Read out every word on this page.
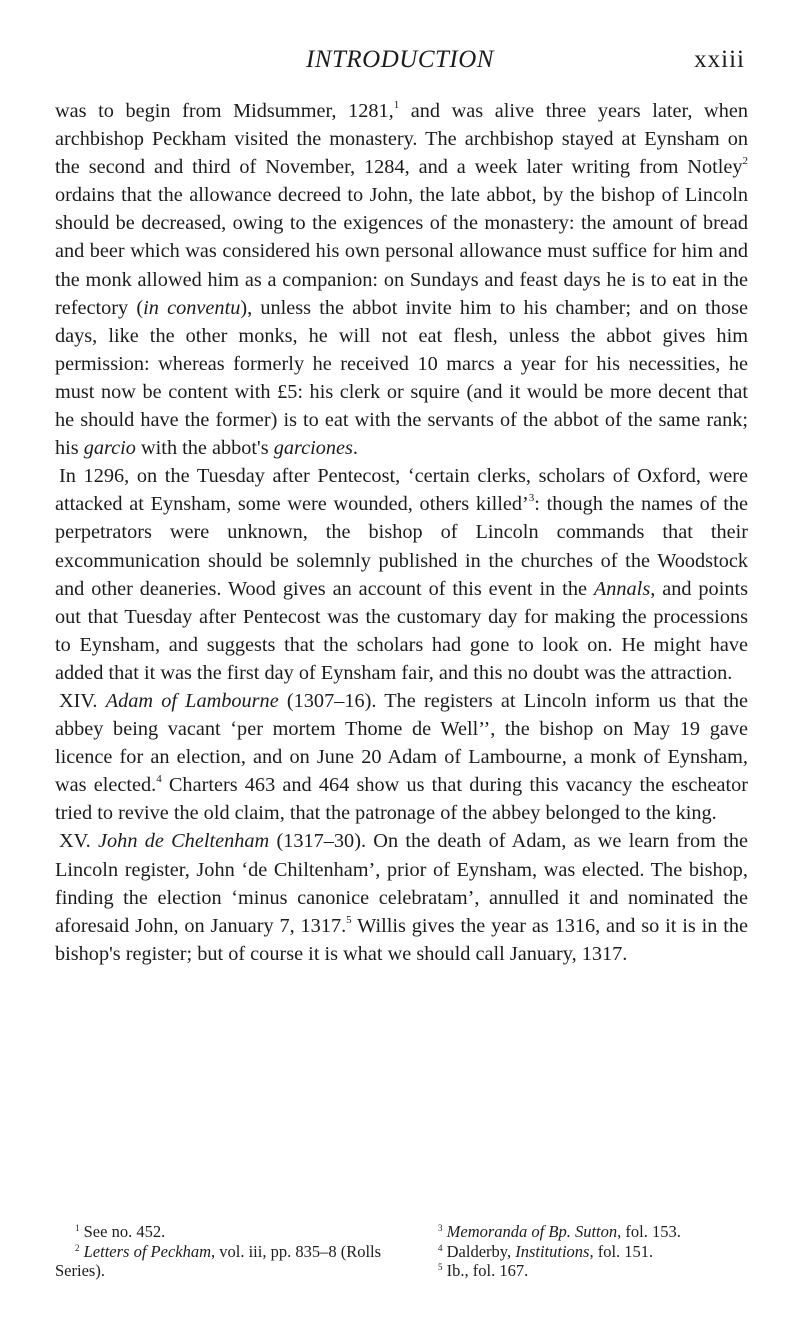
INTRODUCTION	xxiii

was to begin from Midsummer, 1281,$^1$ and was alive three years later, when archbishop Peckham visited the monastery. The archbishop stayed at Eynsham on the second and third of November, 1284, and a week later writing from Notley$^2$ ordains that the allowance decreed to John, the late abbot, by the bishop of Lincoln should be decreased, owing to the exigences of the monastery: the amount of bread and beer which was considered his own personal allowance must suffice for him and the monk allowed him as a companion: on Sundays and feast days he is to eat in the refectory (in conventu), unless the abbot invite him to his chamber; and on those days, like the other monks, he will not eat flesh, unless the abbot gives him permission: whereas formerly he received 10 marcs a year for his necessities, he must now be content with £5: his clerk or squire (and it would be more decent that he should have the former) is to eat with the servants of the abbot of the same rank; his garcio with the abbot's garciones.

In 1296, on the Tuesday after Pentecost, ‘certain clerks, scholars of Oxford, were attacked at Eynsham, some were wounded, others killed’$^3$: though the names of the perpetrators were unknown, the bishop of Lincoln commands that their excommunication should be solemnly published in the churches of the Woodstock and other deaneries. Wood gives an account of this event in the Annals, and points out that Tuesday after Pentecost was the customary day for making the processions to Eynsham, and suggests that the scholars had gone to look on. He might have added that it was the first day of Eynsham fair, and this no doubt was the attraction.

XIV. Adam of Lambourne (1307–16). The registers at Lincoln inform us that the abbey being vacant ‘per mortem Thome de Well’’, the bishop on May 19 gave licence for an election, and on June 20 Adam of Lambourne, a monk of Eynsham, was elected.$^4$ Charters 463 and 464 show us that during this vacancy the escheator tried to revive the old claim, that the patronage of the abbey belonged to the king.

XV. John de Cheltenham (1317–30). On the death of Adam, as we learn from the Lincoln register, John ‘de Chiltenham’, prior of Eynsham, was elected. The bishop, finding the election ‘minus canonice celebratam’, annulled it and nominated the aforesaid John, on January 7, 1317.$^5$ Willis gives the year as 1316, and so it is in the bishop's register; but of course it is what we should call January, 1317.

$^1$ See no. 452.

$^2$ Letters of Peckham, vol. iii, pp. 835–8 (Rolls Series).

$^3$ Memoranda of Bp. Sutton, fol. 153.

$^4$ Dalderby, Institutions, fol. 151.

$^5$ Ib., fol. 167.
